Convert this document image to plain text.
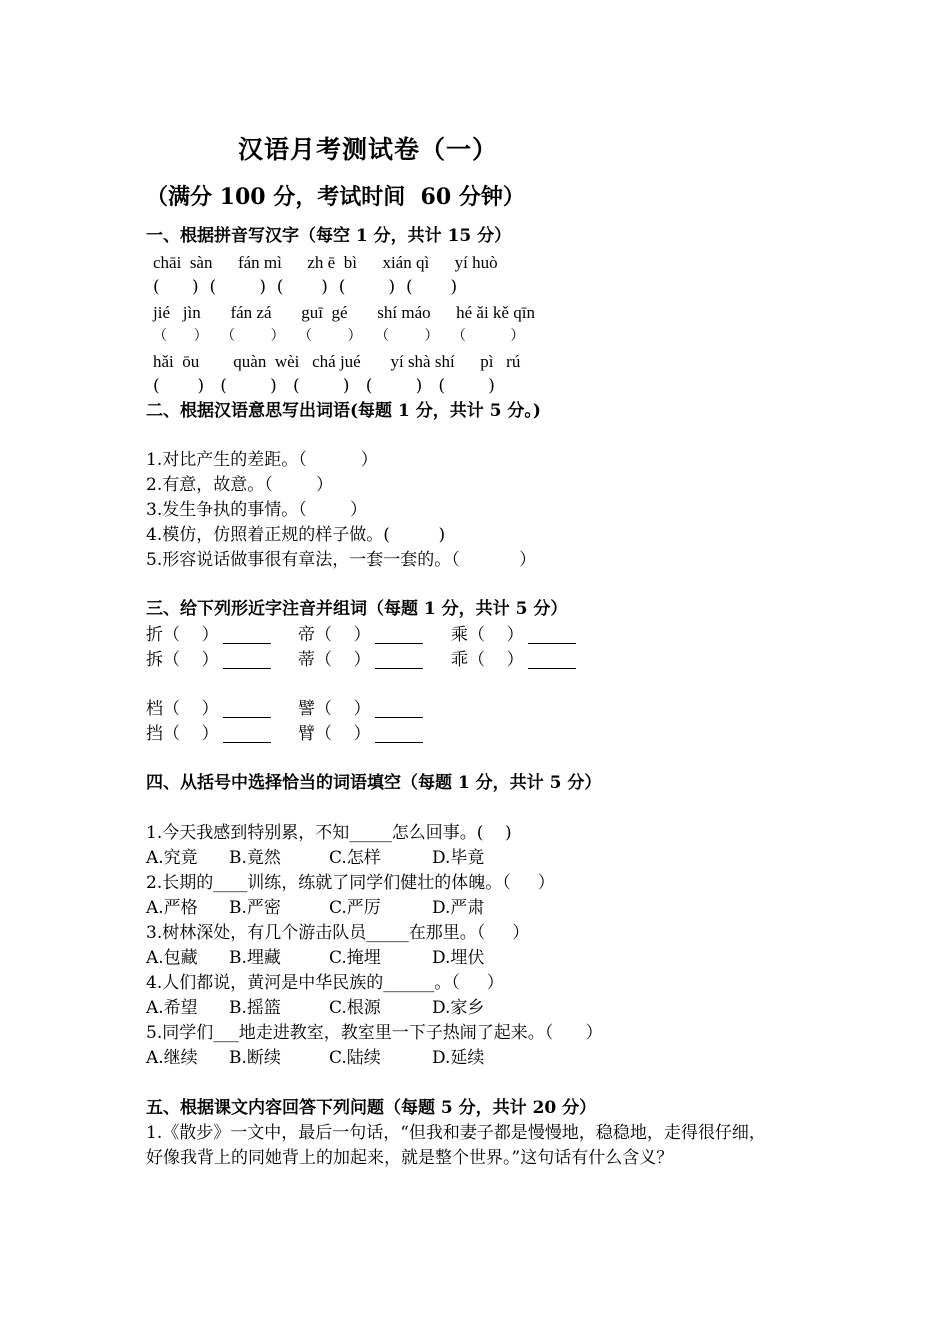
汉语月考测试卷（一）
（满分 100 分，考试时间  60 分钟）
一、根据拼音写汉字（每空 1 分，共计 15 分）
chāi  sàn      fán mì      zh ē  bì      xián qì      yí huò
(      )  (        )  (       )  (        )  (       )
jié   jìn       fán zá       guī  gé       shí máo      hé ǎi kě qīn
（      ）   （        ）   （        ）   （        ）   （          ）
hǎi  ōu        quàn  wèi   chá jué       yí shà shí      pì   rú
(       )   (        )   (        )   (        )   (        )
二、根据汉语意思写出词语(每题 1 分，共计 5 分。)
1.对比产生的差距。（          ）
2.有意，故意。（        ）
3.发生争执的事情。（        ）
4.模仿，仿照着正规的样子做。(         )
5.形容说话做事很有章法，一套一套的。（           ）
三、给下列形近字注音并组词（每题 1 分，共计 5 分）
折（    ）	帝（    ）	乘（    ）
拆（    ）	蒂（    ）	乖（    ）
档（    ）	譬（    ）
挡（    ）	臂（    ）
四、从括号中选择恰当的词语填空（每题 1 分，共计 5 分）
1.今天我感到特别累，不知_____怎么回事。(    )
A.究竟 B.竟然	C.怎样	D.毕竟
2.长期的____训练，练就了同学们健壮的体魄。（     ）
A.严格 B.严密	C.严厉	D.严肃
3.树林深处，有几个游击队员_____在那里。（     ）
A.包藏 B.埋藏	C.掩埋	D.埋伏
4.人们都说，黄河是中华民族的______。（     ）
A.希望 B.摇篮	C.根源	D.家乡
5.同学们___地走进教室，教室里一下子热闹了起来。（      ）
A.继续 B.断续	C.陆续	D.延续
五、根据课文内容回答下列问题（每题 5 分，共计 20 分）
1.《散步》一文中，最后一句话，“但我和妻子都是慢慢地，稳稳地，走得很仔细，
好像我背上的同她背上的加起来，就是整个世界。”这句话有什么含义？
